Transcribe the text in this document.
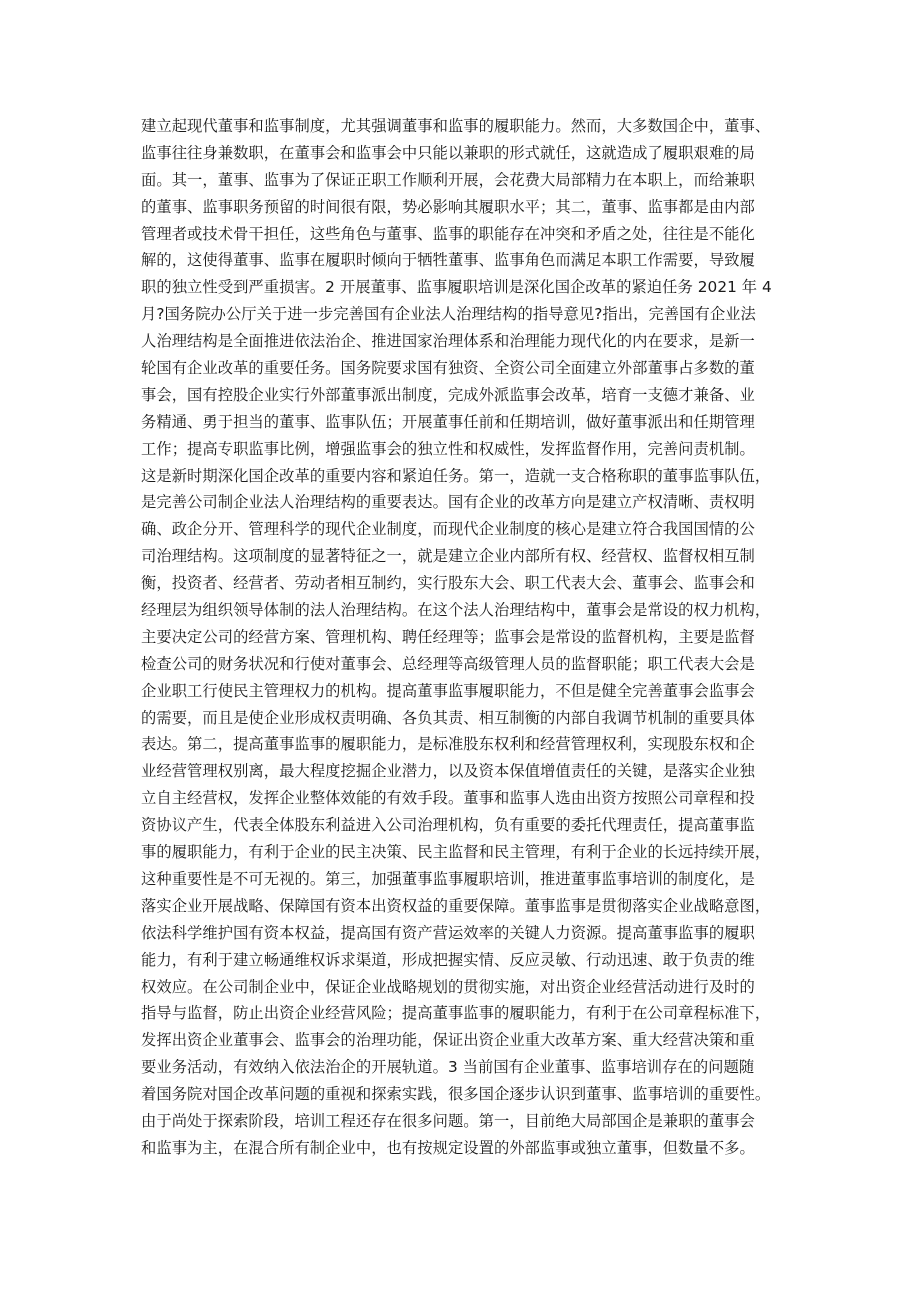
建立起现代董事和监事制度，尤其强调董事和监事的履职能力。然而，大多数国企中，董事、
监事往往身兼数职，在董事会和监事会中只能以兼职的形式就任，这就造成了履职艰难的局
面。其一，董事、监事为了保证正职工作顺利开展，会花费大局部精力在本职上，而给兼职
的董事、监事职务预留的时间很有限，势必影响其履职水平；其二，董事、监事都是由内部
管理者或技术骨干担任，这些角色与董事、监事的职能存在冲突和矛盾之处，往往是不能化
解的，这使得董事、监事在履职时倾向于牺牲董事、监事角色而满足本职工作需要，导致履
职的独立性受到严重损害。2 开展董事、监事履职培训是深化国企改革的紧迫任务 2021 年 4
月?国务院办公厅关于进一步完善国有企业法人治理结构的指导意见?指出，完善国有企业法
人治理结构是全面推进依法治企、推进国家治理体系和治理能力现代化的内在要求，是新一
轮国有企业改革的重要任务。国务院要求国有独资、全资公司全面建立外部董事占多数的董
事会，国有控股企业实行外部董事派出制度，完成外派监事会改革，培育一支德才兼备、业
务精通、勇于担当的董事、监事队伍；开展董事任前和任期培训，做好董事派出和任期管理
工作；提高专职监事比例，增强监事会的独立性和权威性，发挥监督作用，完善问责机制。
这是新时期深化国企改革的重要内容和紧迫任务。第一，造就一支合格称职的董事监事队伍，
是完善公司制企业法人治理结构的重要表达。国有企业的改革方向是建立产权清晰、责权明
确、政企分开、管理科学的现代企业制度，而现代企业制度的核心是建立符合我国国情的公
司治理结构。这项制度的显著特征之一，就是建立企业内部所有权、经营权、监督权相互制
衡，投资者、经营者、劳动者相互制约，实行股东大会、职工代表大会、董事会、监事会和
经理层为组织领导体制的法人治理结构。在这个法人治理结构中，董事会是常设的权力机构，
主要决定公司的经营方案、管理机构、聘任经理等；监事会是常设的监督机构，主要是监督
检查公司的财务状况和行使对董事会、总经理等高级管理人员的监督职能；职工代表大会是
企业职工行使民主管理权力的机构。提高董事监事履职能力，不但是健全完善董事会监事会
的需要，而且是使企业形成权责明确、各负其责、相互制衡的内部自我调节机制的重要具体
表达。第二，提高董事监事的履职能力，是标准股东权利和经营管理权利，实现股东权和企
业经营管理权别离，最大程度挖掘企业潜力，以及资本保值增值责任的关键，是落实企业独
立自主经营权，发挥企业整体效能的有效手段。董事和监事人选由出资方按照公司章程和投
资协议产生，代表全体股东利益进入公司治理机构，负有重要的委托代理责任，提高董事监
事的履职能力，有利于企业的民主决策、民主监督和民主管理，有利于企业的长远持续开展，
这种重要性是不可无视的。第三，加强董事监事履职培训，推进董事监事培训的制度化，是
落实企业开展战略、保障国有资本出资权益的重要保障。董事监事是贯彻落实企业战略意图，
依法科学维护国有资本权益，提高国有资产营运效率的关键人力资源。提高董事监事的履职
能力，有利于建立畅通维权诉求渠道，形成把握实情、反应灵敏、行动迅速、敢于负责的维
权效应。在公司制企业中，保证企业战略规划的贯彻实施，对出资企业经营活动进行及时的
指导与监督，防止出资企业经营风险；提高董事监事的履职能力，有利于在公司章程标准下，
发挥出资企业董事会、监事会的治理功能，保证出资企业重大改革方案、重大经营决策和重
要业务活动，有效纳入依法治企的开展轨道。3 当前国有企业董事、监事培训存在的问题随
着国务院对国企改革问题的重视和探索实践，很多国企逐步认识到董事、监事培训的重要性。
由于尚处于探索阶段，培训工程还存在很多问题。第一，目前绝大局部国企是兼职的董事会
和监事为主，在混合所有制企业中，也有按规定设置的外部监事或独立董事，但数量不多。
